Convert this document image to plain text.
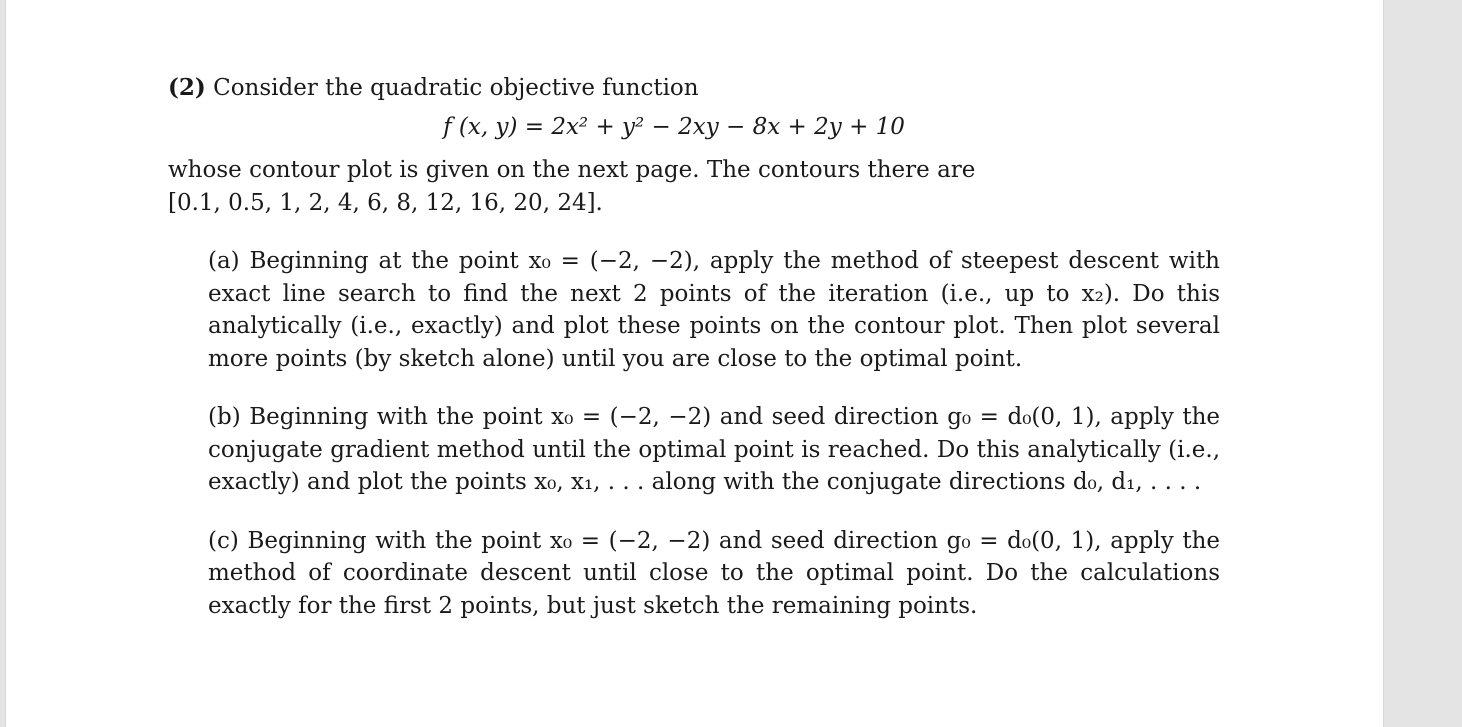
(2) Consider the quadratic objective function
f (x, y) = 2x² + y² − 2xy − 8x + 2y + 10
whose contour plot is given on the next page. The contours there are
[0.1, 0.5, 1, 2, 4, 6, 8, 12, 16, 20, 24].

(a) Beginning at the point x₀ = (−2, −2), apply the method of steepest descent with exact line search to find the next 2 points of the iteration (i.e., up to x₂). Do this analytically (i.e., exactly) and plot these points on the contour plot. Then plot several more points (by sketch alone) until you are close to the optimal point.

(b) Beginning with the point x₀ = (−2, −2) and seed direction g₀ = d₀(0, 1), apply the conjugate gradient method until the optimal point is reached. Do this analytically (i.e., exactly) and plot the points x₀, x₁, . . . along with the conjugate directions d₀, d₁, . . . .

(c) Beginning with the point x₀ = (−2, −2) and seed direction g₀ = d₀(0, 1), apply the method of coordinate descent until close to the optimal point. Do the calculations exactly for the first 2 points, but just sketch the remaining points.
